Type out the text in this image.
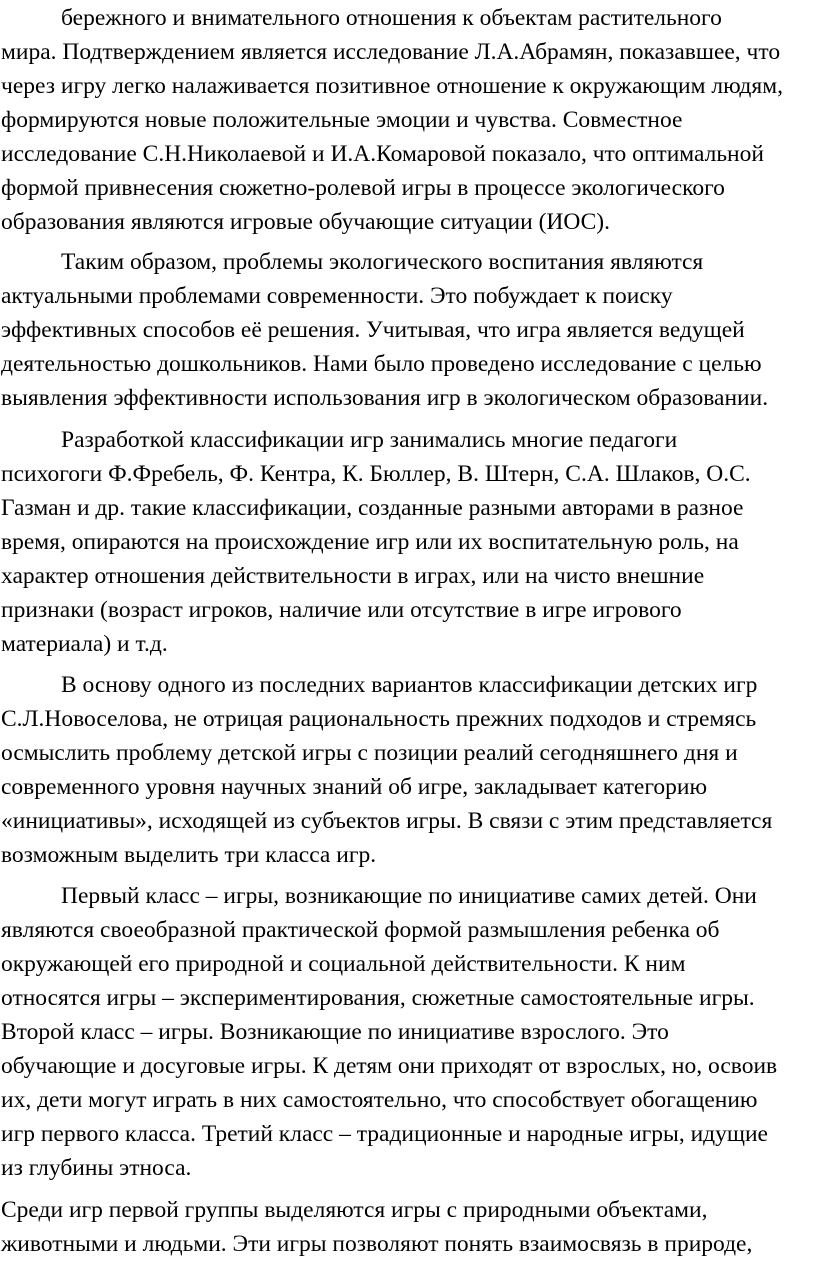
бережного и внимательного отношения к объектам растительного
мира. Подтверждением является исследование Л.А.Абрамян, показавшее, что
через игру легко налаживается позитивное отношение к окружающим людям,
формируются новые положительные эмоции и чувства. Совместное
исследование С.Н.Николаевой и И.А.Комаровой показало, что оптимальной
формой привнесения сюжетно-ролевой игры в процессе экологического
образования являются игровые обучающие ситуации (ИОС).
Таким образом, проблемы экологического воспитания являются
актуальными проблемами современности. Это побуждает к поиску
эффективных способов её решения. Учитывая, что игра является ведущей
деятельностью дошкольников. Нами было проведено исследование с целью
выявления эффективности использования игр в экологическом образовании.
Разработкой классификации игр занимались многие педагоги
психогоги Ф.Фребель, Ф. Кентра, К. Бюллер, В. Штерн, С.А. Шлаков, О.С.
Газман и др. такие классификации, созданные разными авторами в разное
время, опираются на происхождение игр или их воспитательную роль, на
характер отношения действительности в играх, или на чисто внешние
признаки (возраст игроков, наличие или отсутствие в игре игрового
материала) и т.д.
В основу одного из последних вариантов классификации детских игр
С.Л.Новоселова, не отрицая рациональность прежних подходов и стремясь
осмыслить проблему детской игры с позиции реалий сегодняшнего дня и
современного уровня научных знаний об игре, закладывает категорию
«инициативы», исходящей из субъектов игры. В связи с этим представляется
возможным выделить три класса игр.
Первый класс – игры, возникающие по инициативе самих детей. Они
являются своеобразной практической формой размышления ребенка об
окружающей его природной и социальной действительности. К ним
относятся игры – экспериментирования, сюжетные самостоятельные игры.
Второй класс – игры. Возникающие по инициативе взрослого. Это
обучающие и досуговые игры. К детям они приходят от взрослых, но, освоив
их, дети могут играть в них самостоятельно, что способствует обогащению
игр первого класса. Третий класс – традиционные и народные игры, идущие
из глубины этноса.
Среди игр первой группы выделяются игры с природными объектами,
животными и людьми. Эти игры позволяют понять взаимосвязь в природе,
